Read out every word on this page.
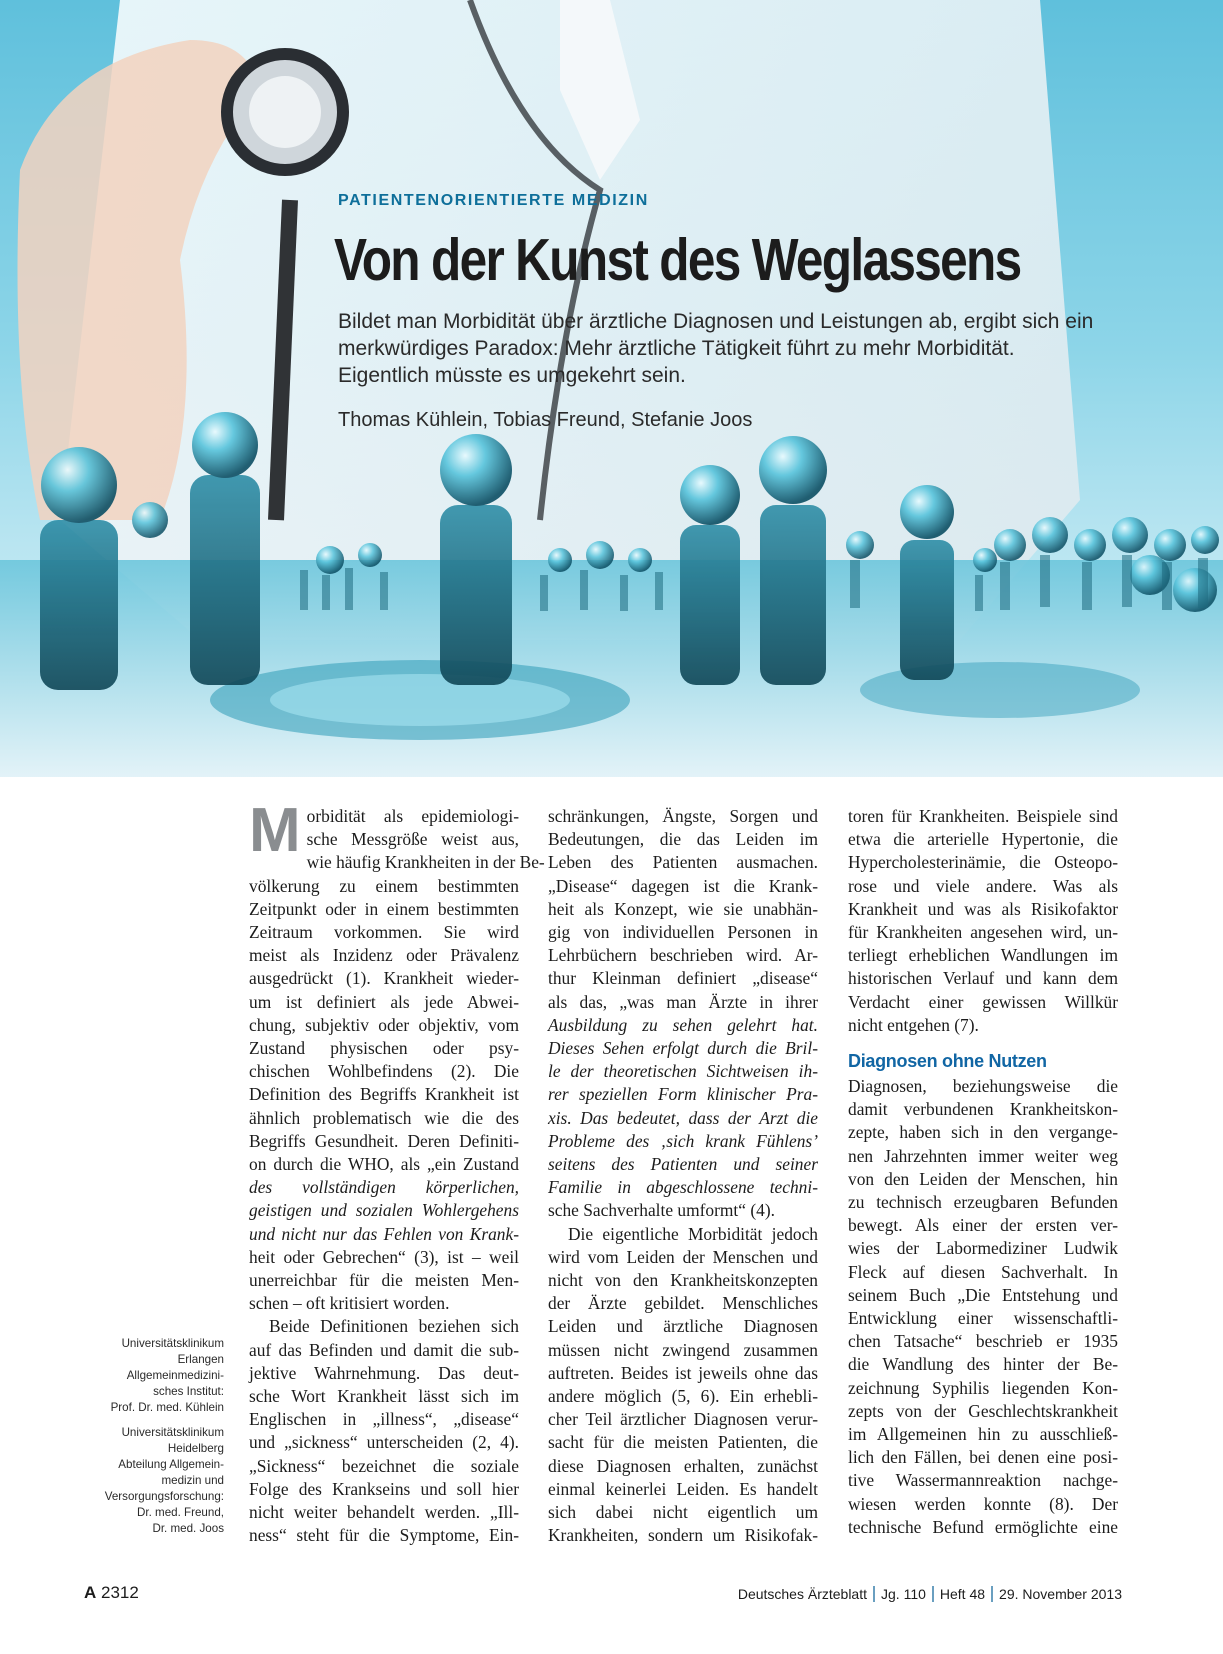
PATIENTENORIENTIERTE MEDIZIN

Von der Kunst des Weglassens

Bildet man Morbidität über ärztliche Diagnosen und Leistungen ab, ergibt sich ein merkwürdiges Paradox: Mehr ärztliche Tätigkeit führt zu mehr Morbidität. Eigentlich müsste es umgekehrt sein.

Thomas Kühlein, Tobias Freund, Stefanie Joos

Universitätsklinikum
Erlangen
Allgemeinmedizini-
sches Institut:
Prof. Dr. med. Kühlein
Universitätsklinikum
Heidelberg
Abteilung Allgemein-
medizin und
Versorgungsforschung:
Dr. med. Freund,
Dr. med. Joos
M orbidität als epidemiologi-
sche Messgröße weist aus,
wie häufig Krankheiten in der Be-
völkerung zu einem bestimmten
Zeitpunkt oder in einem bestimmten
Zeitraum vorkommen. Sie wird
meist als Inzidenz oder Prävalenz
ausgedrückt (1). Krankheit wieder-
um ist definiert als jede Abwei-
chung, subjektiv oder objektiv, vom
Zustand physischen oder psy-
chischen Wohlbefindens (2). Die
Definition des Begriffs Krankheit ist
ähnlich problematisch wie die des
Begriffs Gesundheit. Deren Definiti-
on durch die WHO, als „ein Zustand
des vollständigen körperlichen,
geistigen und sozialen Wohlergehens
und nicht nur das Fehlen von Krank-
heit oder Gebrechen“ (3), ist – weil
unerreichbar für die meisten Men-
schen – oft kritisiert worden.
Beide Definitionen beziehen sich
auf das Befinden und damit die sub-
jektive Wahrnehmung. Das deut-
sche Wort Krankheit lässt sich im
Englischen in „illness“, „disease“
und „sickness“ unterscheiden (2, 4).
„Sickness“ bezeichnet die soziale
Folge des Krankseins und soll hier
nicht weiter behandelt werden. „Ill-
ness“ steht für die Symptome, Ein-
schränkungen, Ängste, Sorgen und
Bedeutungen, die das Leiden im
Leben des Patienten ausmachen.
„Disease“ dagegen ist die Krank-
heit als Konzept, wie sie unabhän-
gig von individuellen Personen in
Lehrbüchern beschrieben wird. Ar-
thur Kleinman definiert „disease“
als das, „was man Ärzte in ihrer
Ausbildung zu sehen gelehrt hat.
Dieses Sehen erfolgt durch die Bril-
le der theoretischen Sichtweisen ih-
rer speziellen Form klinischer Pra-
xis. Das bedeutet, dass der Arzt die
Probleme des ‚sich krank Fühlens’
seitens des Patienten und seiner
Familie in abgeschlossene techni-
sche Sachverhalte umformt“ (4).
Die eigentliche Morbidität jedoch
wird vom Leiden der Menschen und
nicht von den Krankheitskonzepten
der Ärzte gebildet. Menschliches
Leiden und ärztliche Diagnosen
müssen nicht zwingend zusammen
auftreten. Beides ist jeweils ohne das
andere möglich (5, 6). Ein erhebli-
cher Teil ärztlicher Diagnosen verur-
sacht für die meisten Patienten, die
diese Diagnosen erhalten, zunächst
einmal keinerlei Leiden. Es handelt
sich dabei nicht eigentlich um
Krankheiten, sondern um Risikofak-
toren für Krankheiten. Beispiele sind
etwa die arterielle Hypertonie, die
Hypercholesterinämie, die Osteopo-
rose und viele andere. Was als
Krankheit und was als Risikofaktor
für Krankheiten angesehen wird, un-
terliegt erheblichen Wandlungen im
historischen Verlauf und kann dem
Verdacht einer gewissen Willkür
nicht entgehen (7).
Diagnosen ohne Nutzen
Diagnosen, beziehungsweise die
damit verbundenen Krankheitskon-
zepte, haben sich in den vergange-
nen Jahrzehnten immer weiter weg
von den Leiden der Menschen, hin
zu technisch erzeugbaren Befunden
bewegt. Als einer der ersten ver-
wies der Labormediziner Ludwik
Fleck auf diesen Sachverhalt. In
seinem Buch „Die Entstehung und
Entwicklung einer wissenschaftli-
chen Tatsache“ beschrieb er 1935
die Wandlung des hinter der Be-
zeichnung Syphilis liegenden Kon-
zepts von der Geschlechtskrankheit
im Allgemeinen hin zu ausschließ-
lich den Fällen, bei denen eine posi-
tive Wassermannreaktion nachge-
wiesen werden konnte (8). Der
technische Befund ermöglichte eine
A 2312	Deutsches Ärzteblatt Jg. 110 Heft 48 29. November 2013
